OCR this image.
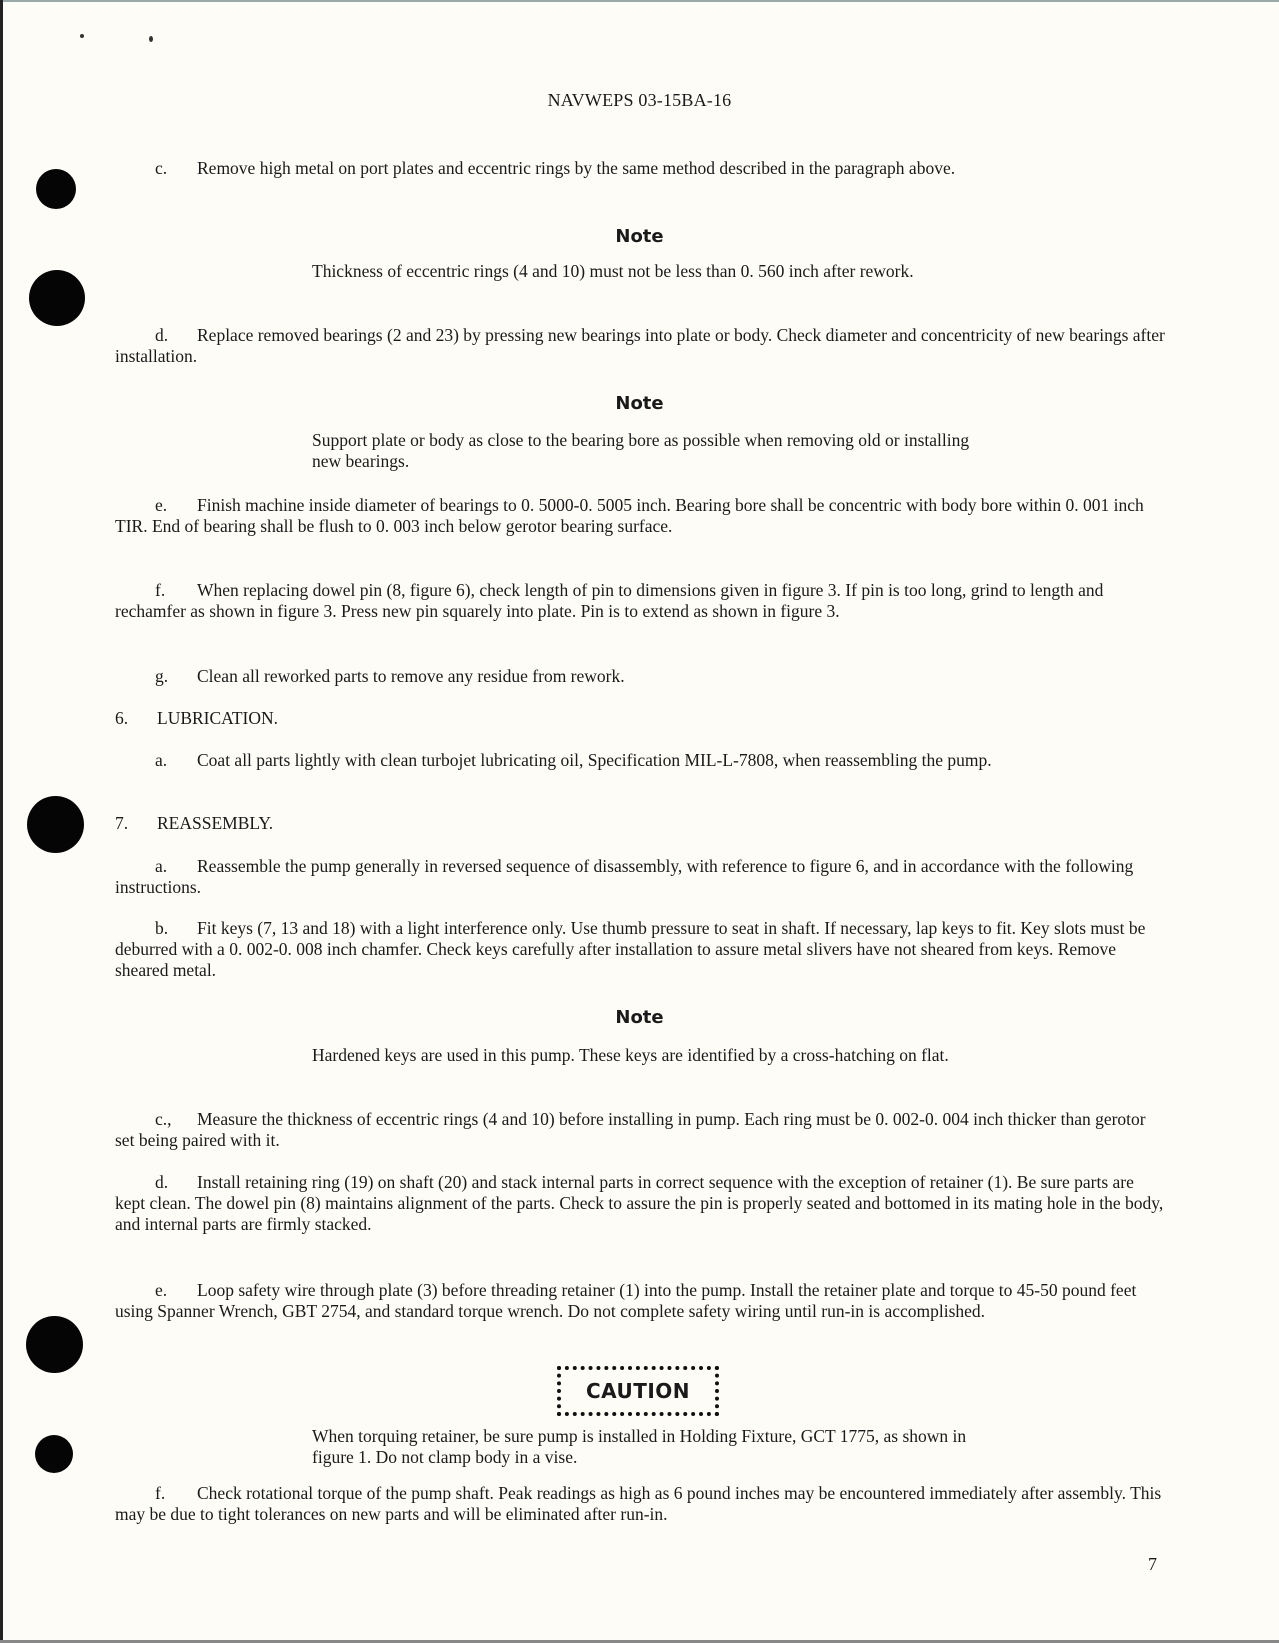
NAVWEPS 03-15BA-16
c. Remove high metal on port plates and eccentric rings by the same method described in the paragraph above.
Note
Thickness of eccentric rings (4 and 10) must not be less than 0. 560 inch after rework.
d. Replace removed bearings (2 and 23) by pressing new bearings into plate or body. Check diameter and concentricity of new bearings after installation.
Note
Support plate or body as close to the bearing bore as possible when removing old or installing new bearings.
e. Finish machine inside diameter of bearings to 0. 5000-0. 5005 inch. Bearing bore shall be concentric with body bore within 0. 001 inch TIR. End of bearing shall be flush to 0. 003 inch below gerotor bearing surface.
f. When replacing dowel pin (8, figure 6), check length of pin to dimensions given in figure 3. If pin is too long, grind to length and rechamfer as shown in figure 3. Press new pin squarely into plate. Pin is to extend as shown in figure 3.
g. Clean all reworked parts to remove any residue from rework.
6. LUBRICATION.
a. Coat all parts lightly with clean turbojet lubricating oil, Specification MIL-L-7808, when reassembling the pump.
7. REASSEMBLY.
a. Reassemble the pump generally in reversed sequence of disassembly, with reference to figure 6, and in accordance with the following instructions.
b. Fit keys (7, 13 and 18) with a light interference only. Use thumb pressure to seat in shaft. If necessary, lap keys to fit. Key slots must be deburred with a 0. 002-0. 008 inch chamfer. Check keys carefully after installation to assure metal slivers have not sheared from keys. Remove sheared metal.
Note
Hardened keys are used in this pump. These keys are identified by a cross-hatching on flat.
c., Measure the thickness of eccentric rings (4 and 10) before installing in pump. Each ring must be 0. 002-0. 004 inch thicker than gerotor set being paired with it.
d. Install retaining ring (19) on shaft (20) and stack internal parts in correct sequence with the exception of retainer (1). Be sure parts are kept clean. The dowel pin (8) maintains alignment of the parts. Check to assure the pin is properly seated and bottomed in its mating hole in the body, and internal parts are firmly stacked.
e. Loop safety wire through plate (3) before threading retainer (1) into the pump. Install the retainer plate and torque to 45-50 pound feet using Spanner Wrench, GBT 2754, and standard torque wrench. Do not complete safety wiring until run-in is accomplished.
CAUTION
When torquing retainer, be sure pump is installed in Holding Fixture, GCT 1775, as shown in figure 1. Do not clamp body in a vise.
f. Check rotational torque of the pump shaft. Peak readings as high as 6 pound inches may be encountered immediately after assembly. This may be due to tight tolerances on new parts and will be eliminated after run-in.
7
